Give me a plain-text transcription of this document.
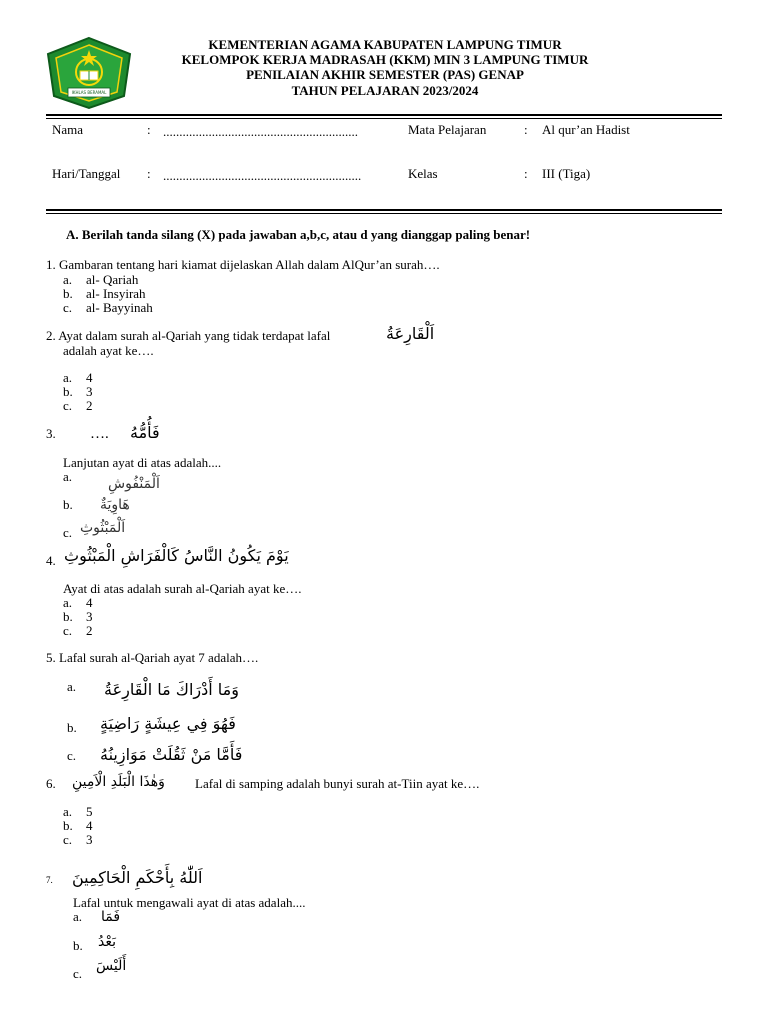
IKHLAS BERAMAL
KEMENTERIAN AGAMA KABUPATEN LAMPUNG TIMUR
KELOMPOK KERJA MADRASAH (KKM) MIN 3 LAMPUNG TIMUR
PENILAIAN AKHIR SEMESTER (PAS) GENAP
TAHUN PELAJARAN 2023/2024
Nama	: ............................................................	Mata Pelajaran	: Al qur’an Hadist
Hari/Tanggal : .............................................................	Kelas	: III (Tiga)
A. Berilah tanda silang (X) pada jawaban a,b,c, atau d yang dianggap paling benar!
1. Gambaran tentang hari kiamat dijelaskan Allah dalam AlQur’an surah….
a.	al- Qariah
b.	al- Insyirah
c.	al- Bayyinah
2. Ayat dalam surah al-Qariah yang tidak terdapat lafal	اَلْقَارِعَةُ
adalah ayat ke….
a.	4
b.	3
c.	2
3. …. فَأُمُّهُ
Lanjutan ayat di atas adalah....
a.	اَلْمَنْفُوشِ
b. هَاوِيَةٌ
c. اَلْمَبْثُوثِ
4. يَوْمَ يَكُونُ النَّاسُ كَالْفَرَاشِ الْمَبْثُوثِ
Ayat di atas adalah surah al-Qariah ayat ke….
a.	4
b.	3
c.	2
5. Lafal surah al-Qariah ayat 7 adalah….
a. وَمَا أَدْرَاكَ مَا الْقَارِعَةُ
b. فَهُوَ فِي عِيشَةٍ رَاضِيَةٍ
c. فَأَمَّا مَنْ ثَقُلَتْ مَوَازِينُهُ
6. وَهٰذَا الْبَلَدِ الْاَمِينِ Lafal di samping adalah bunyi surah at-Tiin ayat ke….
a.	5
b.	4
c.	3
7. اَللّٰهُ بِأَحْكَمِ الْحَاكِمِينَ
Lafal untuk mengawali ayat di atas adalah....
a. فَمَا
b. بَعْدُ
c. أَلَيْسَ
